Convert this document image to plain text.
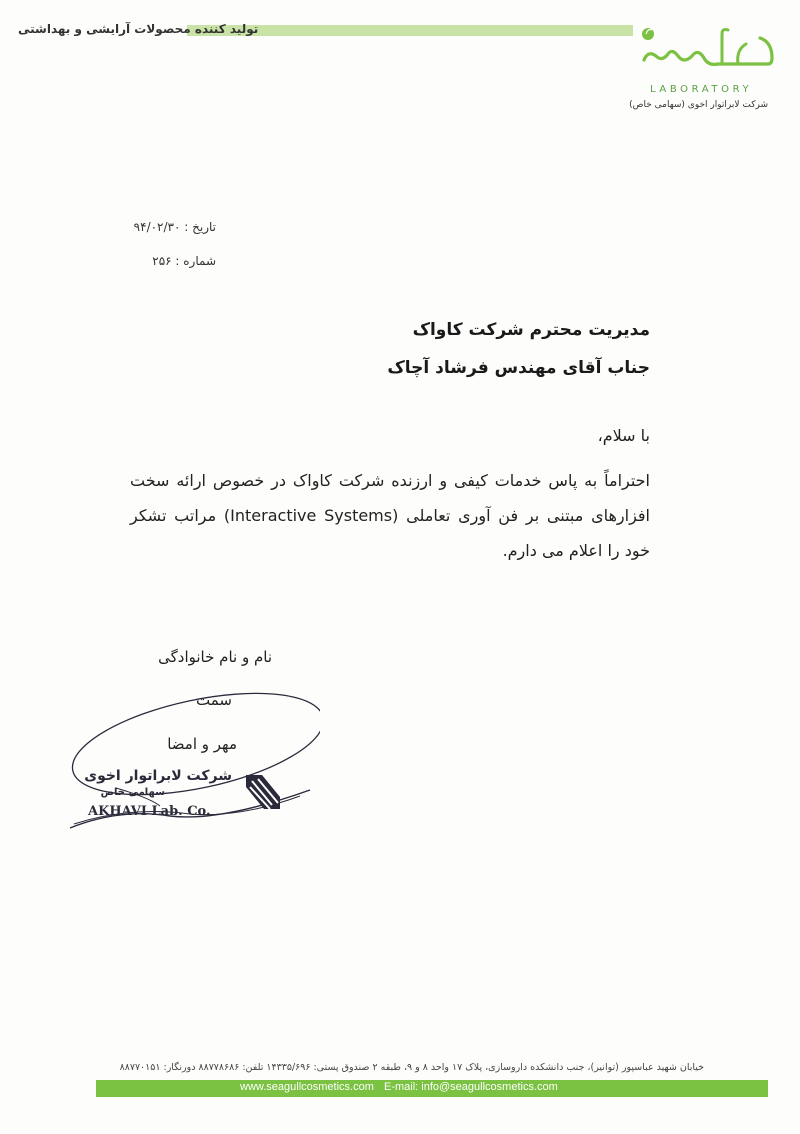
تولید کننده محصولات آرایشی و بهداشتی
LABORATORY
شرکت لابراتوار اخوی (سهامی خاص)
تاریخ : ۹۴/۰۲/۳۰
شماره : ۲۵۶
مدیریت محترم شرکت کاواک
جناب آقای مهندس فرشاد آچاک
با سلام،
احتراماً به پاس خدمات کیفی و ارزنده شرکت کاواک در خصوص ارائه سخت افزارهای مبتنی بر فن آوری تعاملی (Interactive Systems) مراتب تشکر خود را اعلام می دارم.
نام و نام خانوادگی
سمت
مهر و امضا
شرکت لابراتوار اخوی
سهامی خاص
AKHAVI Lab. Co.
خیابان شهید عباسپور (توانیر)، جنب دانشکده داروسازی، پلاک ۱۷ واحد ۸ و ۹، طبقه ۲ صندوق پستی: ۱۴۳۳۵/۶۹۶ تلفن: ۸۸۷۷۸۶۸۶ دورنگار: ۸۸۷۷۰۱۵۱
www.seagullcosmetics.com E-mail: info@seagullcosmetics.com
